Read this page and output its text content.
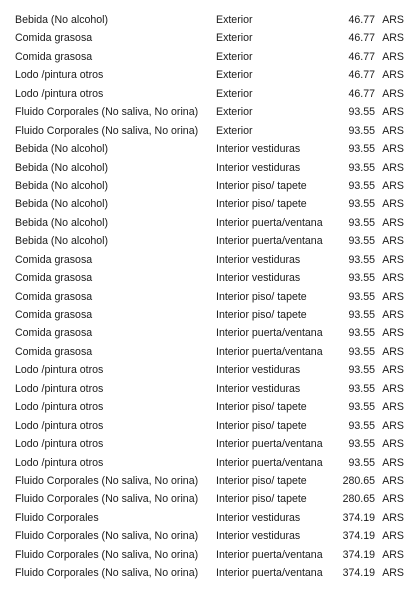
Bebida (No alcohol)	Exterior	46.77 ARS
Comida grasosa	Exterior	46.77 ARS
Comida grasosa	Exterior	46.77 ARS
Lodo /pintura otros	Exterior	46.77 ARS
Lodo /pintura otros	Exterior	46.77 ARS
Fluido Corporales (No saliva, No orina) Exterior	93.55 ARS
Fluido Corporales (No saliva, No orina) Exterior	93.55 ARS
Bebida (No alcohol)	Interior vestiduras	93.55 ARS
Bebida (No alcohol)	Interior vestiduras	93.55 ARS
Bebida (No alcohol)	Interior piso/ tapete	93.55 ARS
Bebida (No alcohol)	Interior piso/ tapete	93.55 ARS
Bebida (No alcohol)	Interior puerta/ventana 93.55 ARS
Bebida (No alcohol)	Interior puerta/ventana 93.55 ARS
Comida grasosa	Interior vestiduras	93.55 ARS
Comida grasosa	Interior vestiduras	93.55 ARS
Comida grasosa	Interior piso/ tapete	93.55 ARS
Comida grasosa	Interior piso/ tapete	93.55 ARS
Comida grasosa	Interior puerta/ventana 93.55 ARS
Comida grasosa	Interior puerta/ventana 93.55 ARS
Lodo /pintura otros	Interior vestiduras	93.55 ARS
Lodo /pintura otros	Interior vestiduras	93.55 ARS
Lodo /pintura otros	Interior piso/ tapete	93.55 ARS
Lodo /pintura otros	Interior piso/ tapete	93.55 ARS
Lodo /pintura otros	Interior puerta/ventana 93.55 ARS
Lodo /pintura otros	Interior puerta/ventana 93.55 ARS
Fluido Corporales (No saliva, No orina) Interior piso/ tapete	280.65 ARS
Fluido Corporales (No saliva, No orina) Interior piso/ tapete	280.65 ARS
Fluido Corporales	Interior vestiduras	374.19 ARS
Fluido Corporales (No saliva, No orina) Interior vestiduras	374.19 ARS
Fluido Corporales (No saliva, No orina) Interior puerta/ventana 374.19 ARS
Fluido Corporales (No saliva, No orina) Interior puerta/ventana 374.19 ARS
